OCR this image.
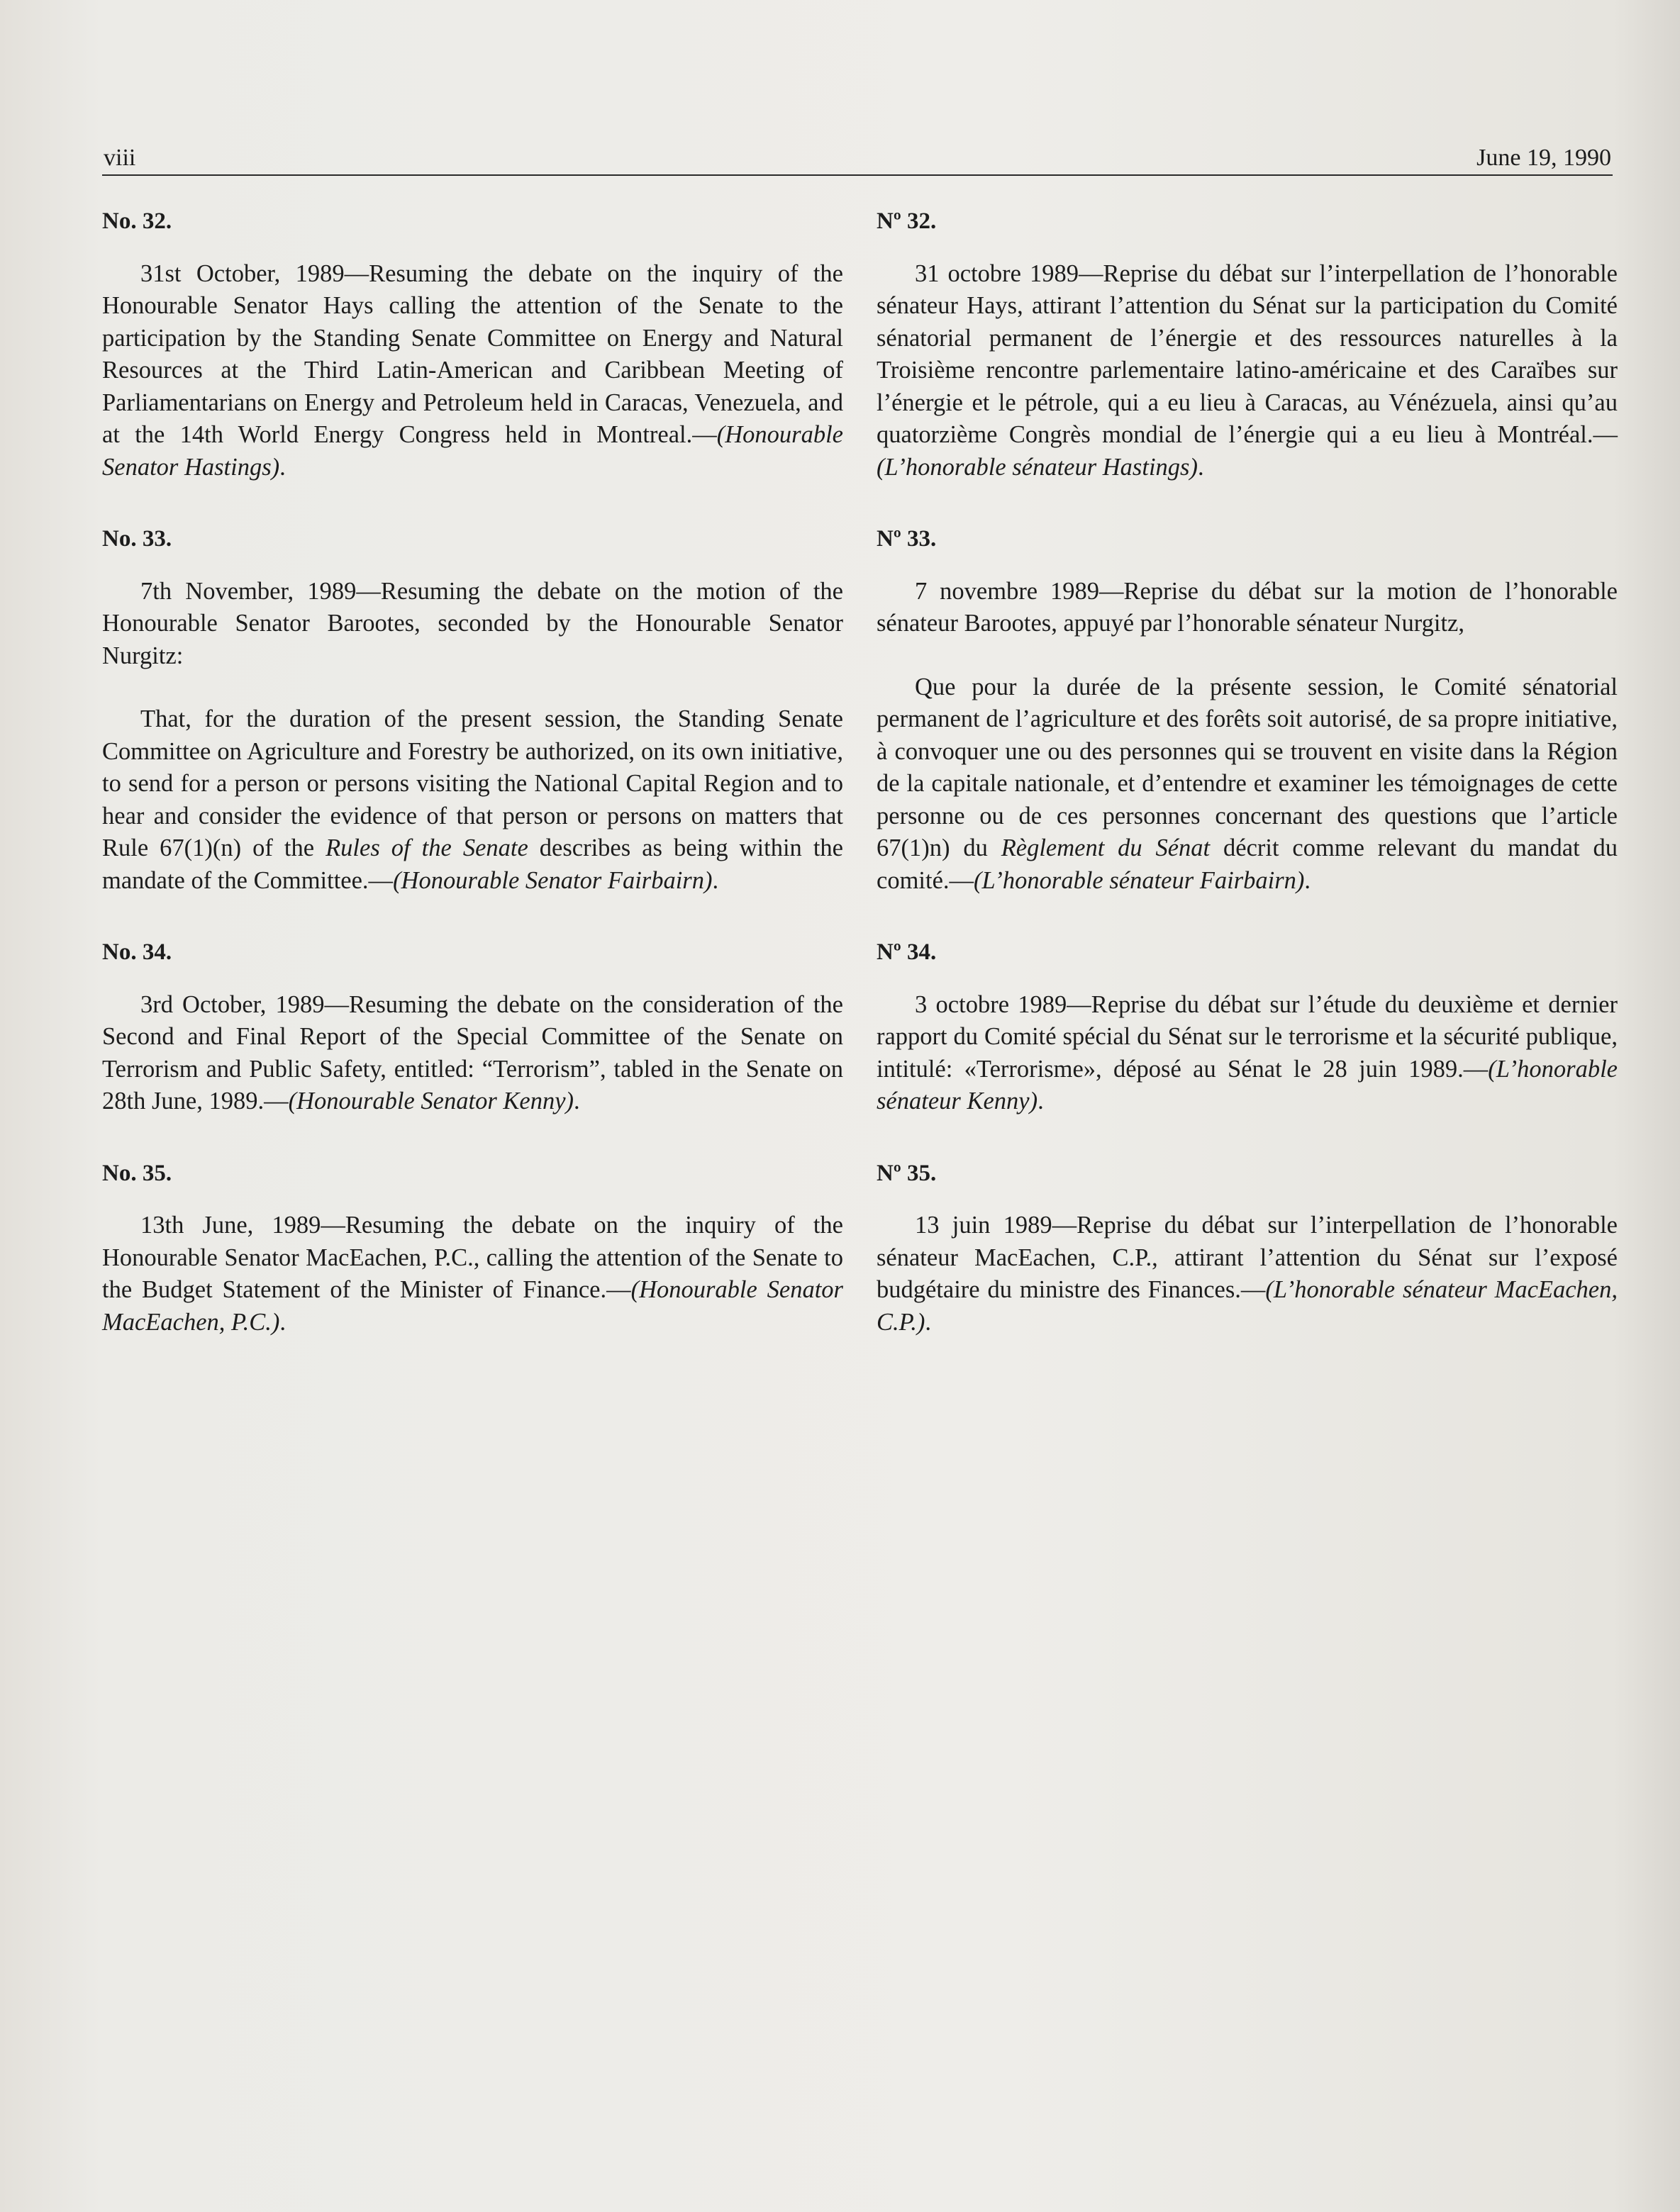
viii	June 19, 1990
No. 32.

31st October, 1989—Resuming the debate on the inquiry of the Honourable Senator Hays calling the attention of the Senate to the participation by the Standing Senate Committee on Energy and Natural Resources at the Third Latin-American and Caribbean Meeting of Parliamentarians on Energy and Petroleum held in Caracas, Venezuela, and at the 14th World Energy Congress held in Montreal.—(Honourable Senator Hastings).

No. 33.

7th November, 1989—Resuming the debate on the motion of the Honourable Senator Barootes, seconded by the Honourable Senator Nurgitz:

That, for the duration of the present session, the Standing Senate Committee on Agriculture and Forestry be authorized, on its own initiative, to send for a person or persons visiting the National Capital Region and to hear and consider the evidence of that person or persons on matters that Rule 67(1)(n) of the Rules of the Senate describes as being within the mandate of the Committee.—(Honourable Senator Fairbairn).

No. 34.

3rd October, 1989—Resuming the debate on the consideration of the Second and Final Report of the Special Committee of the Senate on Terrorism and Public Safety, entitled: “Terrorism”, tabled in the Senate on 28th June, 1989.—(Honourable Senator Kenny).

No. 35.

13th June, 1989—Resuming the debate on the inquiry of the Honourable Senator MacEachen, P.C., calling the attention of the Senate to the Budget Statement of the Minister of Finance.—(Honourable Senator MacEachen, P.C.).

Nº 32.

31 octobre 1989—Reprise du débat sur l’interpellation de l’honorable sénateur Hays, attirant l’attention du Sénat sur la participation du Comité sénatorial permanent de l’énergie et des ressources naturelles à la Troisième rencontre parlementaire latino-américaine et des Caraïbes sur l’énergie et le pétrole, qui a eu lieu à Caracas, au Vénézuela, ainsi qu’au quatorzième Congrès mondial de l’énergie qui a eu lieu à Montréal.—(L’honorable sénateur Hastings).

Nº 33.

7 novembre 1989—Reprise du débat sur la motion de l’honorable sénateur Barootes, appuyé par l’honorable sénateur Nurgitz,

Que pour la durée de la présente session, le Comité sénatorial permanent de l’agriculture et des forêts soit autorisé, de sa propre initiative, à convoquer une ou des personnes qui se trouvent en visite dans la Région de la capitale nationale, et d’entendre et examiner les témoignages de cette personne ou de ces personnes concernant des questions que l’article 67(1)n) du Règlement du Sénat décrit comme relevant du mandat du comité.—(L’honorable sénateur Fairbairn).

Nº 34.

3 octobre 1989—Reprise du débat sur l’étude du deuxième et dernier rapport du Comité spécial du Sénat sur le terrorisme et la sécurité publique, intitulé: «Terrorisme», déposé au Sénat le 28 juin 1989.—(L’honorable sénateur Kenny).

Nº 35.

13 juin 1989—Reprise du débat sur l’interpellation de l’honorable sénateur MacEachen, C.P., attirant l’attention du Sénat sur l’exposé budgétaire du ministre des Finances.—(L’honorable sénateur MacEachen, C.P.).
